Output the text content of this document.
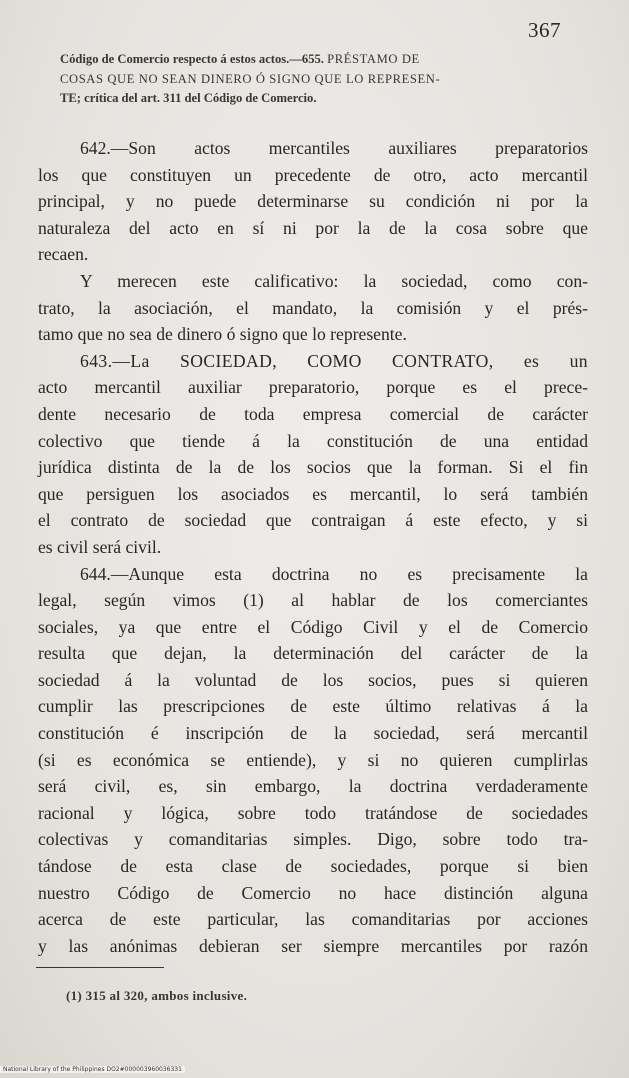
367
Código de Comercio respecto á estos actos.—655. PRÉSTAMO DE
COSAS QUE NO SEAN DINERO Ó SIGNO QUE LO REPRESEN-
TE; crítica del art. 311 del Código de Comercio.

642.—Son actos mercantiles auxiliares preparatorios
los que constituyen un precedente de otro, acto mercantil
principal, y no puede determinarse su condición ni por la
naturaleza del acto en sí ni por la de la cosa sobre que
recaen.

Y merecen este calificativo: la sociedad, como con-
trato, la asociación, el mandato, la comisión y el prés-
tamo que no sea de dinero ó signo que lo represente.

643.—La SOCIEDAD, COMO CONTRATO, es un
acto mercantil auxiliar preparatorio, porque es el prece-
dente necesario de toda empresa comercial de carácter
colectivo que tiende á la constitución de una entidad
jurídica distinta de la de los socios que la forman. Si el fin
que persiguen los asociados es mercantil, lo será también
el contrato de sociedad que contraigan á este efecto, y si
es civil será civil.

644.—Aunque esta doctrina no es precisamente la
legal, según vimos (1) al hablar de los comerciantes
sociales, ya que entre el Código Civil y el de Comercio
resulta que dejan, la determinación del carácter de la
sociedad á la voluntad de los socios, pues si quieren
cumplir las prescripciones de este último relativas á la
constitución é inscripción de la sociedad, será mercantil
(si es económica se entiende), y si no quieren cumplirlas
será civil, es, sin embargo, la doctrina verdaderamente
racional y lógica, sobre todo tratándose de sociedades
colectivas y comanditarias simples. Digo, sobre todo tra-
tándose de esta clase de sociedades, porque si bien
nuestro Código de Comercio no hace distinción alguna
acerca de este particular, las comanditarias por acciones
y las anónimas debieran ser siempre mercantiles por razón

(1) 315 al 320, ambos inclusive.
National Library of the Philippines DO2#000003960036331
